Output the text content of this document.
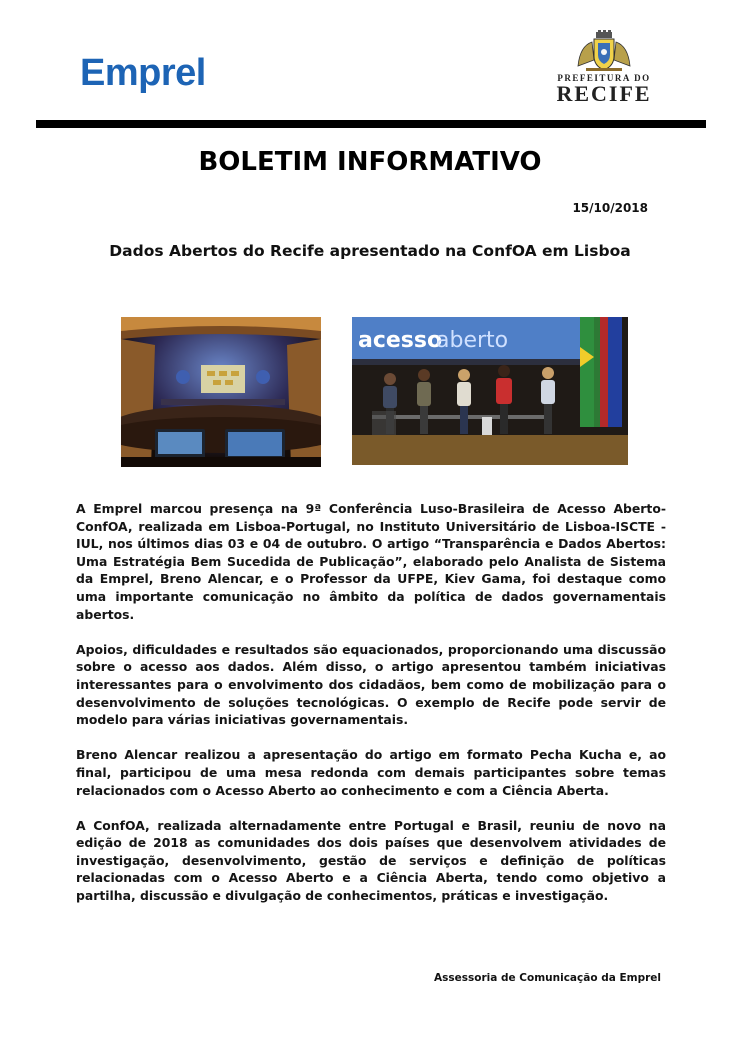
Emprel	PREFEITURA DO
RECIFE
BOLETIM INFORMATIVO
15/10/2018
Dados Abertos do Recife apresentado na ConfOA em Lisboa
acesso
aberto

A Emprel marcou presença na 9ª Conferência Luso-Brasileira de Acesso Aberto-ConfOA, realizada em Lisboa-Portugal, no Instituto Universitário de Lisboa-ISCTE -IUL, nos últimos dias 03 e 04 de outubro. O artigo “Transparência e Dados Abertos: Uma Estratégia Bem Sucedida de Publicação”, elaborado pelo Analista de Sistema da Emprel, Breno Alencar, e o Professor da UFPE, Kiev Gama, foi destaque como uma importante comunicação no âmbito da política de dados governamentais abertos.

Apoios, dificuldades e resultados são equacionados, proporcionando uma discussão sobre o acesso aos dados. Além disso, o artigo apresentou também iniciativas interessantes para o envolvimento dos cidadãos, bem como de mobilização para o desenvolvimento de soluções tecnológicas. O exemplo de Recife pode servir de modelo para várias iniciativas governamentais.

Breno Alencar realizou a apresentação do artigo em formato Pecha Kucha e, ao final, participou de uma mesa redonda com demais participantes sobre temas relacionados com o Acesso Aberto ao conhecimento e com a Ciência Aberta.

A ConfOA, realizada alternadamente entre Portugal e Brasil, reuniu de novo na edição de 2018 as comunidades dos dois países que desenvolvem atividades de investigação, desenvolvimento, gestão de serviços e definição de políticas relacionadas com o Acesso Aberto e a Ciência Aberta, tendo como objetivo a partilha, discussão e divulgação de conhecimentos, práticas e investigação.

Assessoria de Comunicação da Emprel
